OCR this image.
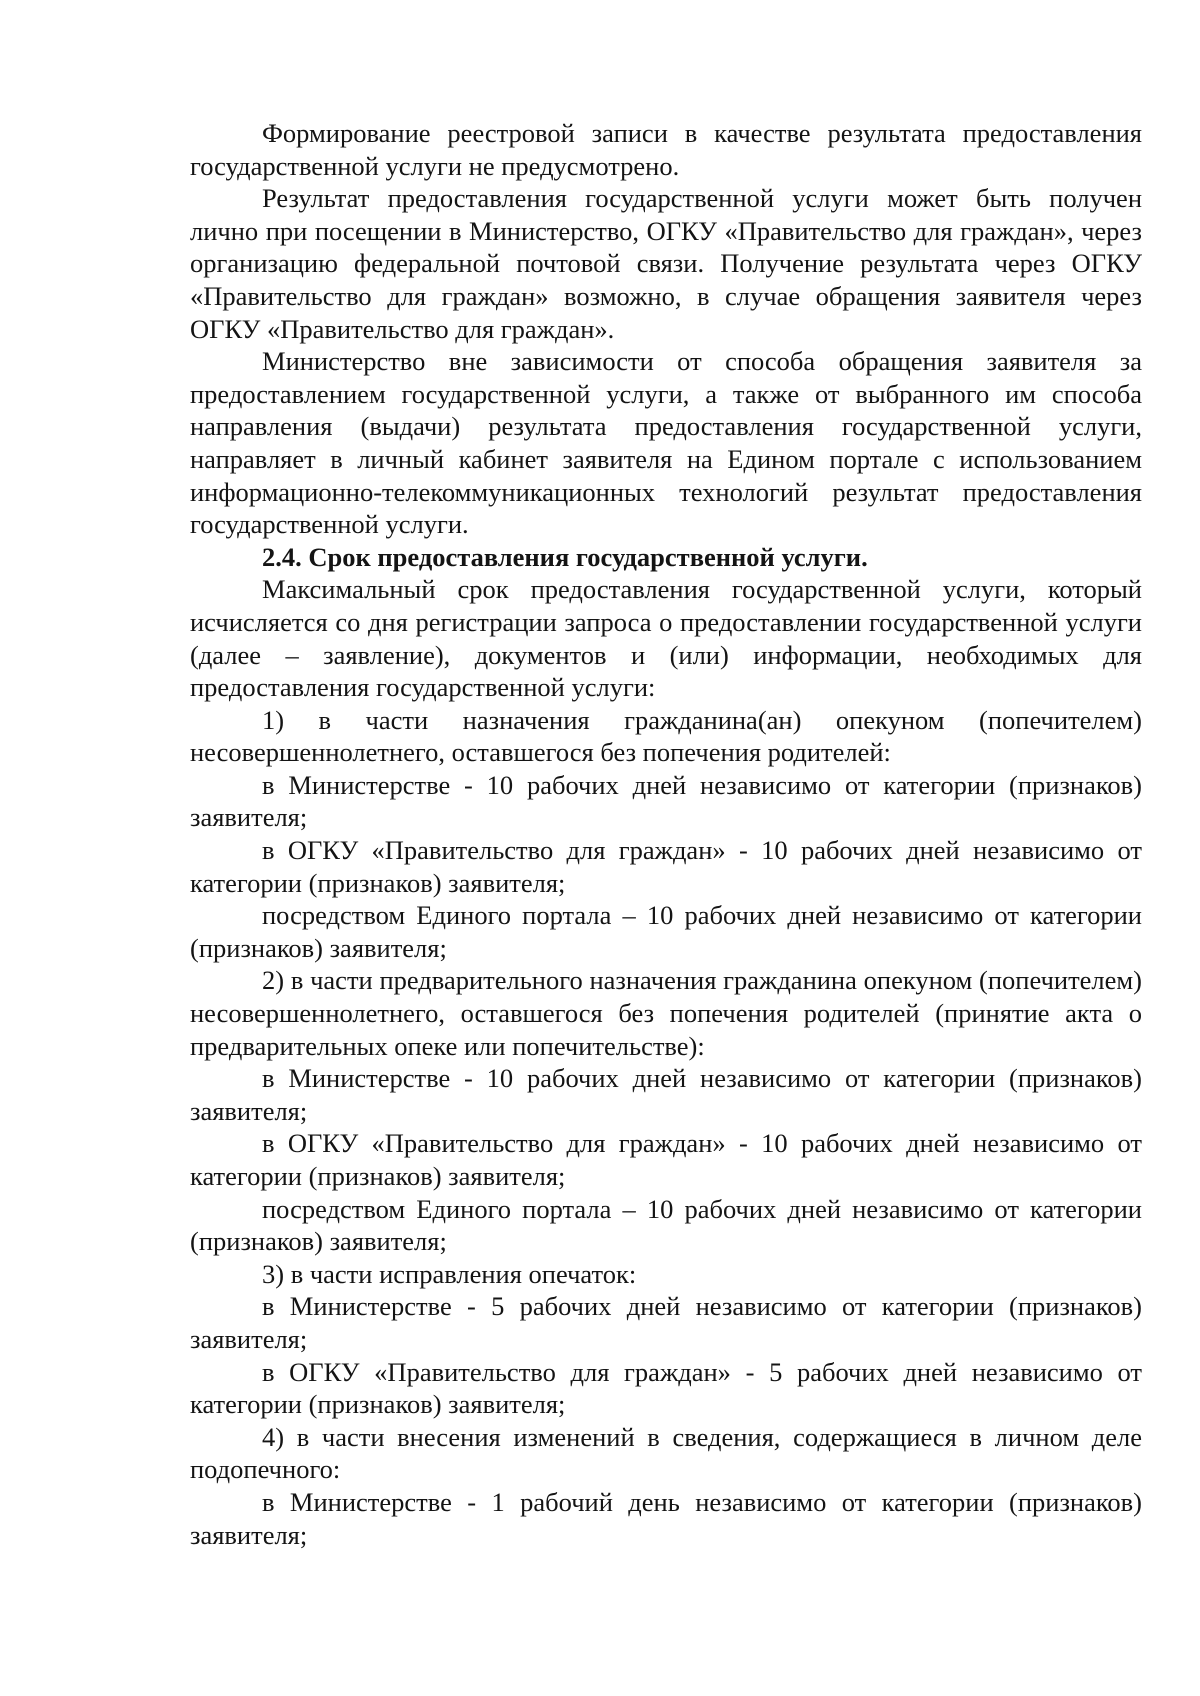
Формирование реестровой записи в качестве результата предоставления государственной услуги не предусмотрено.

Результат предоставления государственной услуги может быть получен лично при посещении в Министерство, ОГКУ «Правительство для граждан», через организацию федеральной почтовой связи. Получение результата через ОГКУ «Правительство для граждан» возможно, в случае обращения заявителя через ОГКУ «Правительство для граждан».

Министерство вне зависимости от способа обращения заявителя за предоставлением государственной услуги, а также от выбранного им способа направления (выдачи) результата предоставления государственной услуги, направляет в личный кабинет заявителя на Едином портале с использованием информационно-телекоммуникационных технологий результат предоставления государственной услуги.

2.4. Срок предоставления государственной услуги.

Максимальный срок предоставления государственной услуги, который исчисляется со дня регистрации запроса о предоставлении государственной услуги (далее – заявление), документов и (или) информации, необходимых для предоставления государственной услуги:

1) в части назначения гражданина(ан) опекуном (попечителем) несовершеннолетнего, оставшегося без попечения родителей:

в Министерстве - 10 рабочих дней независимо от категории (признаков) заявителя;

в ОГКУ «Правительство для граждан» - 10 рабочих дней независимо от категории (признаков) заявителя;

посредством Единого портала – 10 рабочих дней независимо от категории (признаков) заявителя;

2) в части предварительного назначения гражданина опекуном (попечителем) несовершеннолетнего, оставшегося без попечения родителей (принятие акта о предварительных опеке или попечительстве):

в Министерстве - 10 рабочих дней независимо от категории (признаков) заявителя;

в ОГКУ «Правительство для граждан» - 10 рабочих дней независимо от категории (признаков) заявителя;

посредством Единого портала – 10 рабочих дней независимо от категории (признаков) заявителя;

3) в части исправления опечаток:

в Министерстве - 5 рабочих дней независимо от категории (признаков) заявителя;

в ОГКУ «Правительство для граждан» - 5 рабочих дней независимо от категории (признаков) заявителя;

4) в части внесения изменений в сведения, содержащиеся в личном деле подопечного:

в Министерстве - 1 рабочий день независимо от категории (признаков) заявителя;
